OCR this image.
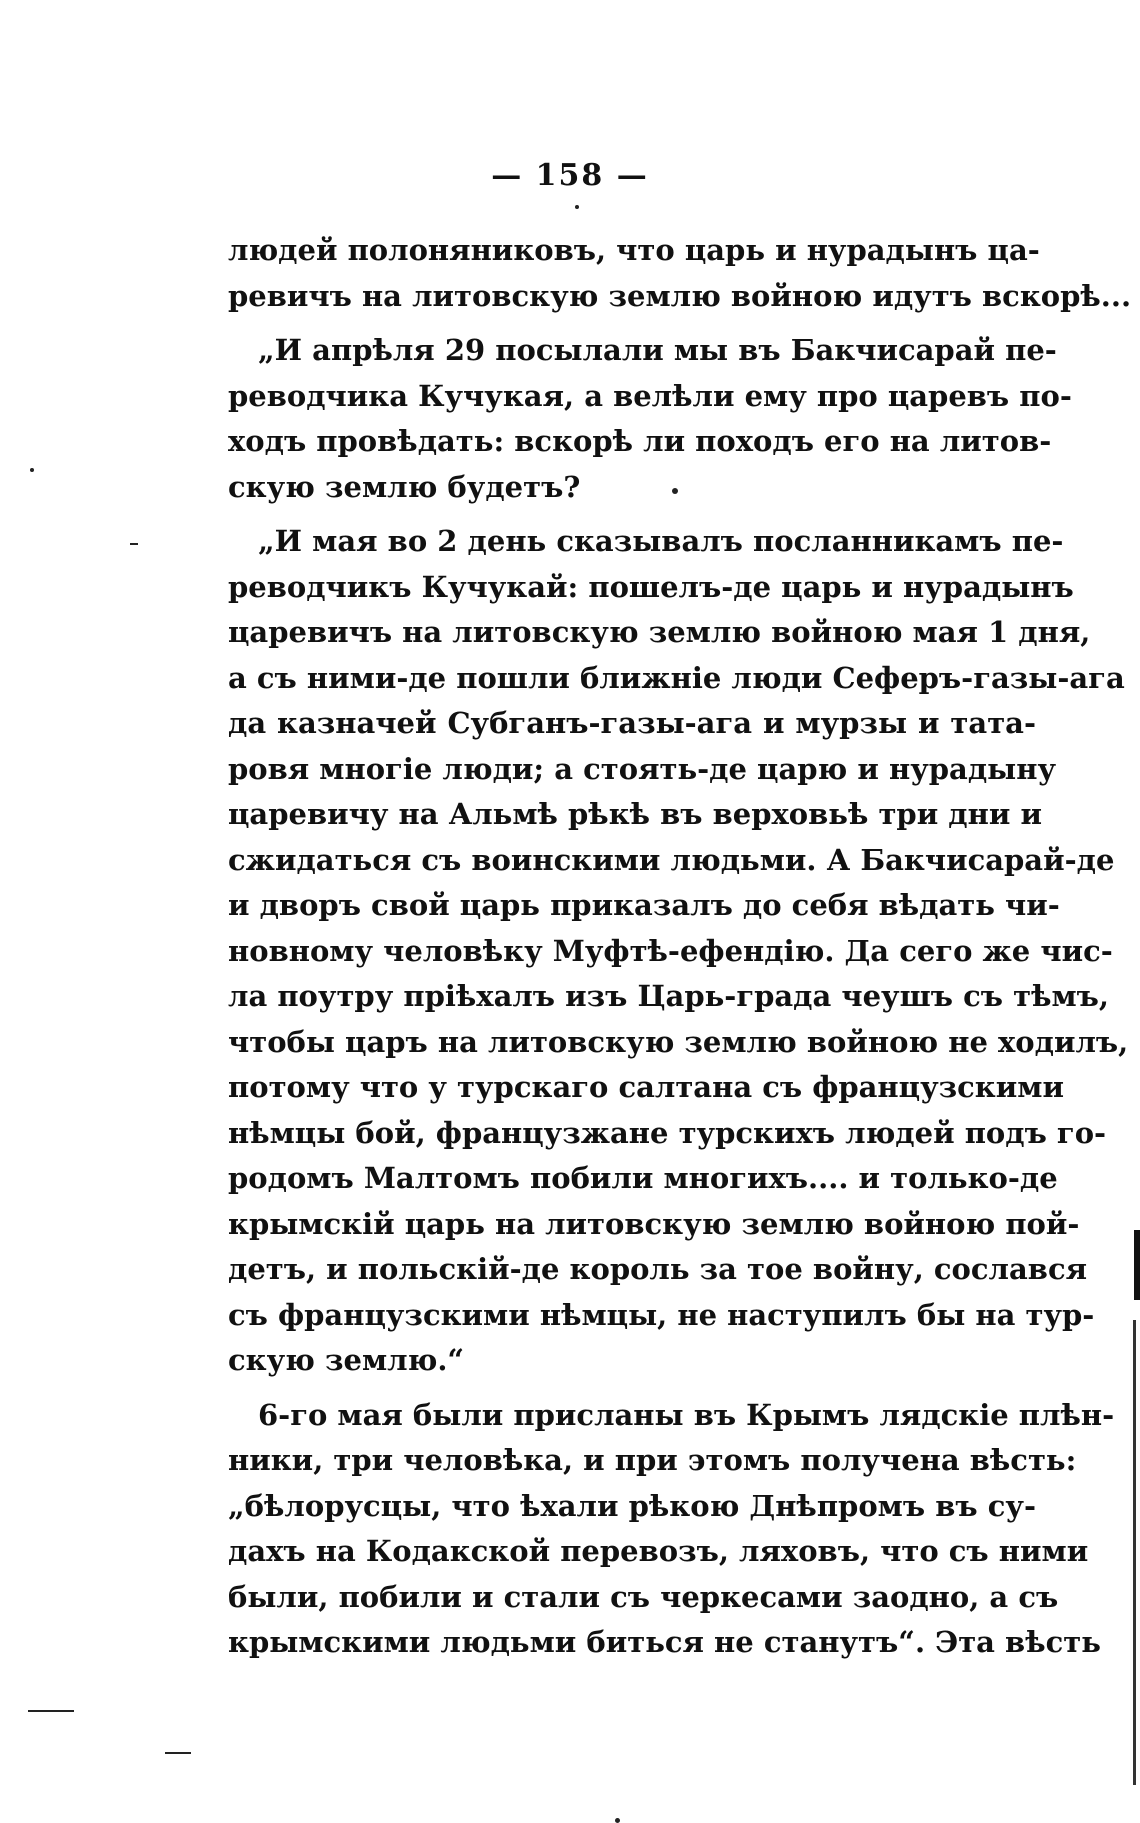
— 158 —
людей полоняниковъ, что царь и нурадынъ ца-
ревичъ на литовскую землю войною идутъ вскорѣ...
„И апрѣля 29 посылали мы въ Бакчисарай пе-
реводчика Кучукая, а велѣли ему про царевъ по-
ходъ провѣдать: вскорѣ ли походъ его на литов-
скую землю будетъ?
„И мая во 2 день сказывалъ посланникамъ пе-
реводчикъ Кучукай: пошелъ-де царь и нурадынъ
царевичъ на литовскую землю войною мая 1 дня,
а съ ними-де пошли ближніе люди Сеферъ-газы-ага
да казначей Субганъ-газы-ага и мурзы и тата-
ровя многіе люди; а стоять-де царю и нурадыну
царевичу на Альмѣ рѣкѣ въ верховьѣ три дни и
сжидаться съ воинскими людьми. А Бакчисарай-де
и дворъ свой царь приказалъ до себя вѣдать чи-
новному человѣку Муфтѣ-ефендію. Да сего же чис-
ла поутру пріѣхалъ изъ Царь-града чеушъ съ тѣмъ,
чтобы царъ на литовскую землю войною не ходилъ,
потому что у турскаго салтана съ французскими
нѣмцы бой, французжане турскихъ людей подъ го-
родомъ Малтомъ побили многихъ.... и только-де
крымскій царь на литовскую землю войною пой-
детъ, и польскій-де король за тое войну, сослався
съ французскими нѣмцы, не наступилъ бы на тур-
скую землю.“
6-го мая были присланы въ Крымъ лядскіе плѣн-
ники, три человѣка, и при этомъ получена вѣсть:
„бѣлорусцы, что ѣхали рѣкою Днѣпромъ въ су-
дахъ на Кодакской перевозъ, ляховъ, что съ ними
были, побили и стали съ черкесами заодно, а съ
крымскими людьми биться не станутъ“. Эта вѣсть
